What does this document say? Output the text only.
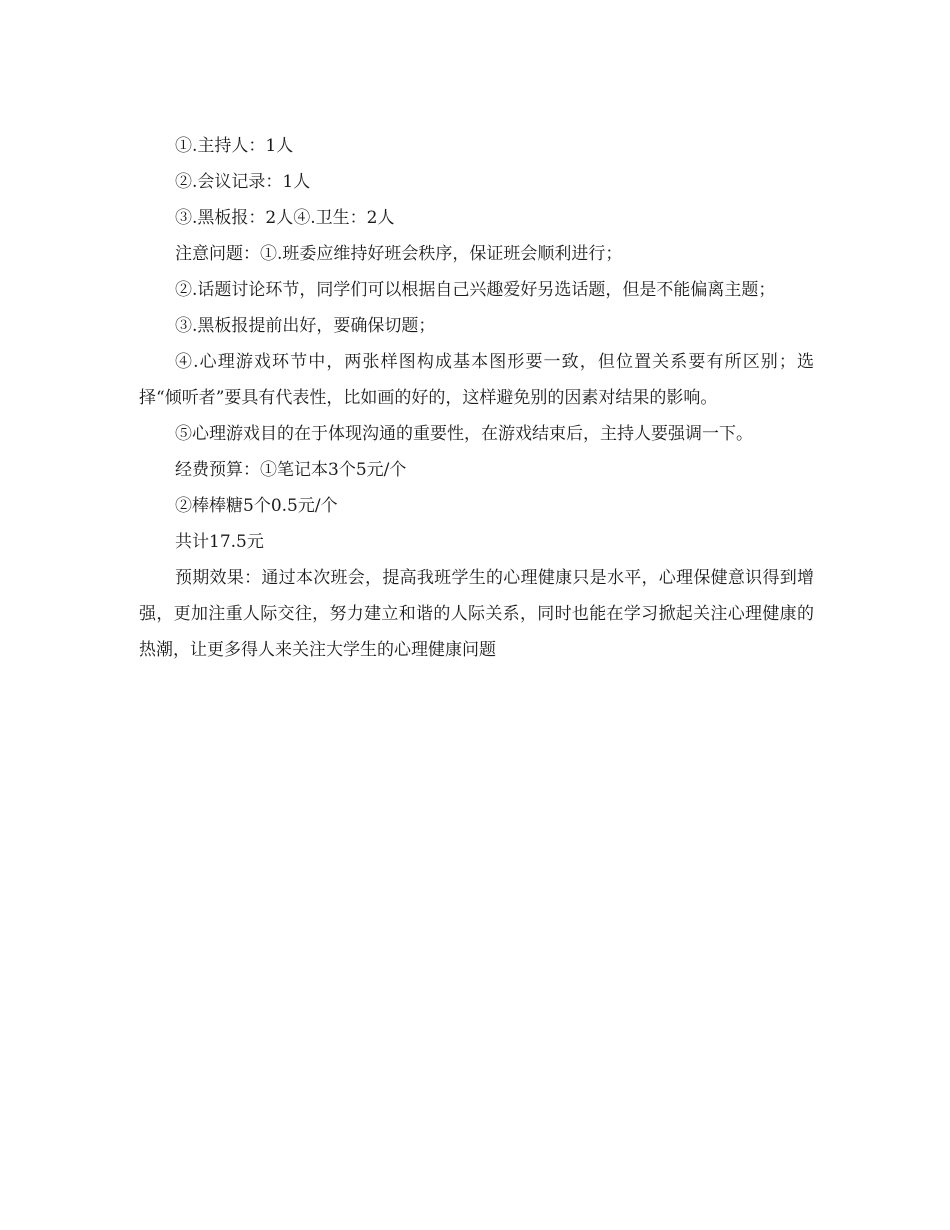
①.主持人：1人

②.会议记录：1人

③.黑板报：2人④.卫生：2人

注意问题：①.班委应维持好班会秩序，保证班会顺利进行；

②.话题讨论环节，同学们可以根据自己兴趣爱好另选话题，但是不能偏离主题；

③.黑板报提前出好，要确保切题；

④.心理游戏环节中，两张样图构成基本图形要一致，但位置关系要有所区别；选择“倾听者”要具有代表性，比如画的好的，这样避免别的因素对结果的影响。

⑤心理游戏目的在于体现沟通的重要性，在游戏结束后，主持人要强调一下。

经费预算：①笔记本3个5元/个

②棒棒糖5个0.5元/个

共计17.5元

预期效果：通过本次班会，提高我班学生的心理健康只是水平，心理保健意识得到增强，更加注重人际交往，努力建立和谐的人际关系，同时也能在学习掀起关注心理健康的热潮，让更多得人来关注大学生的心理健康问题
